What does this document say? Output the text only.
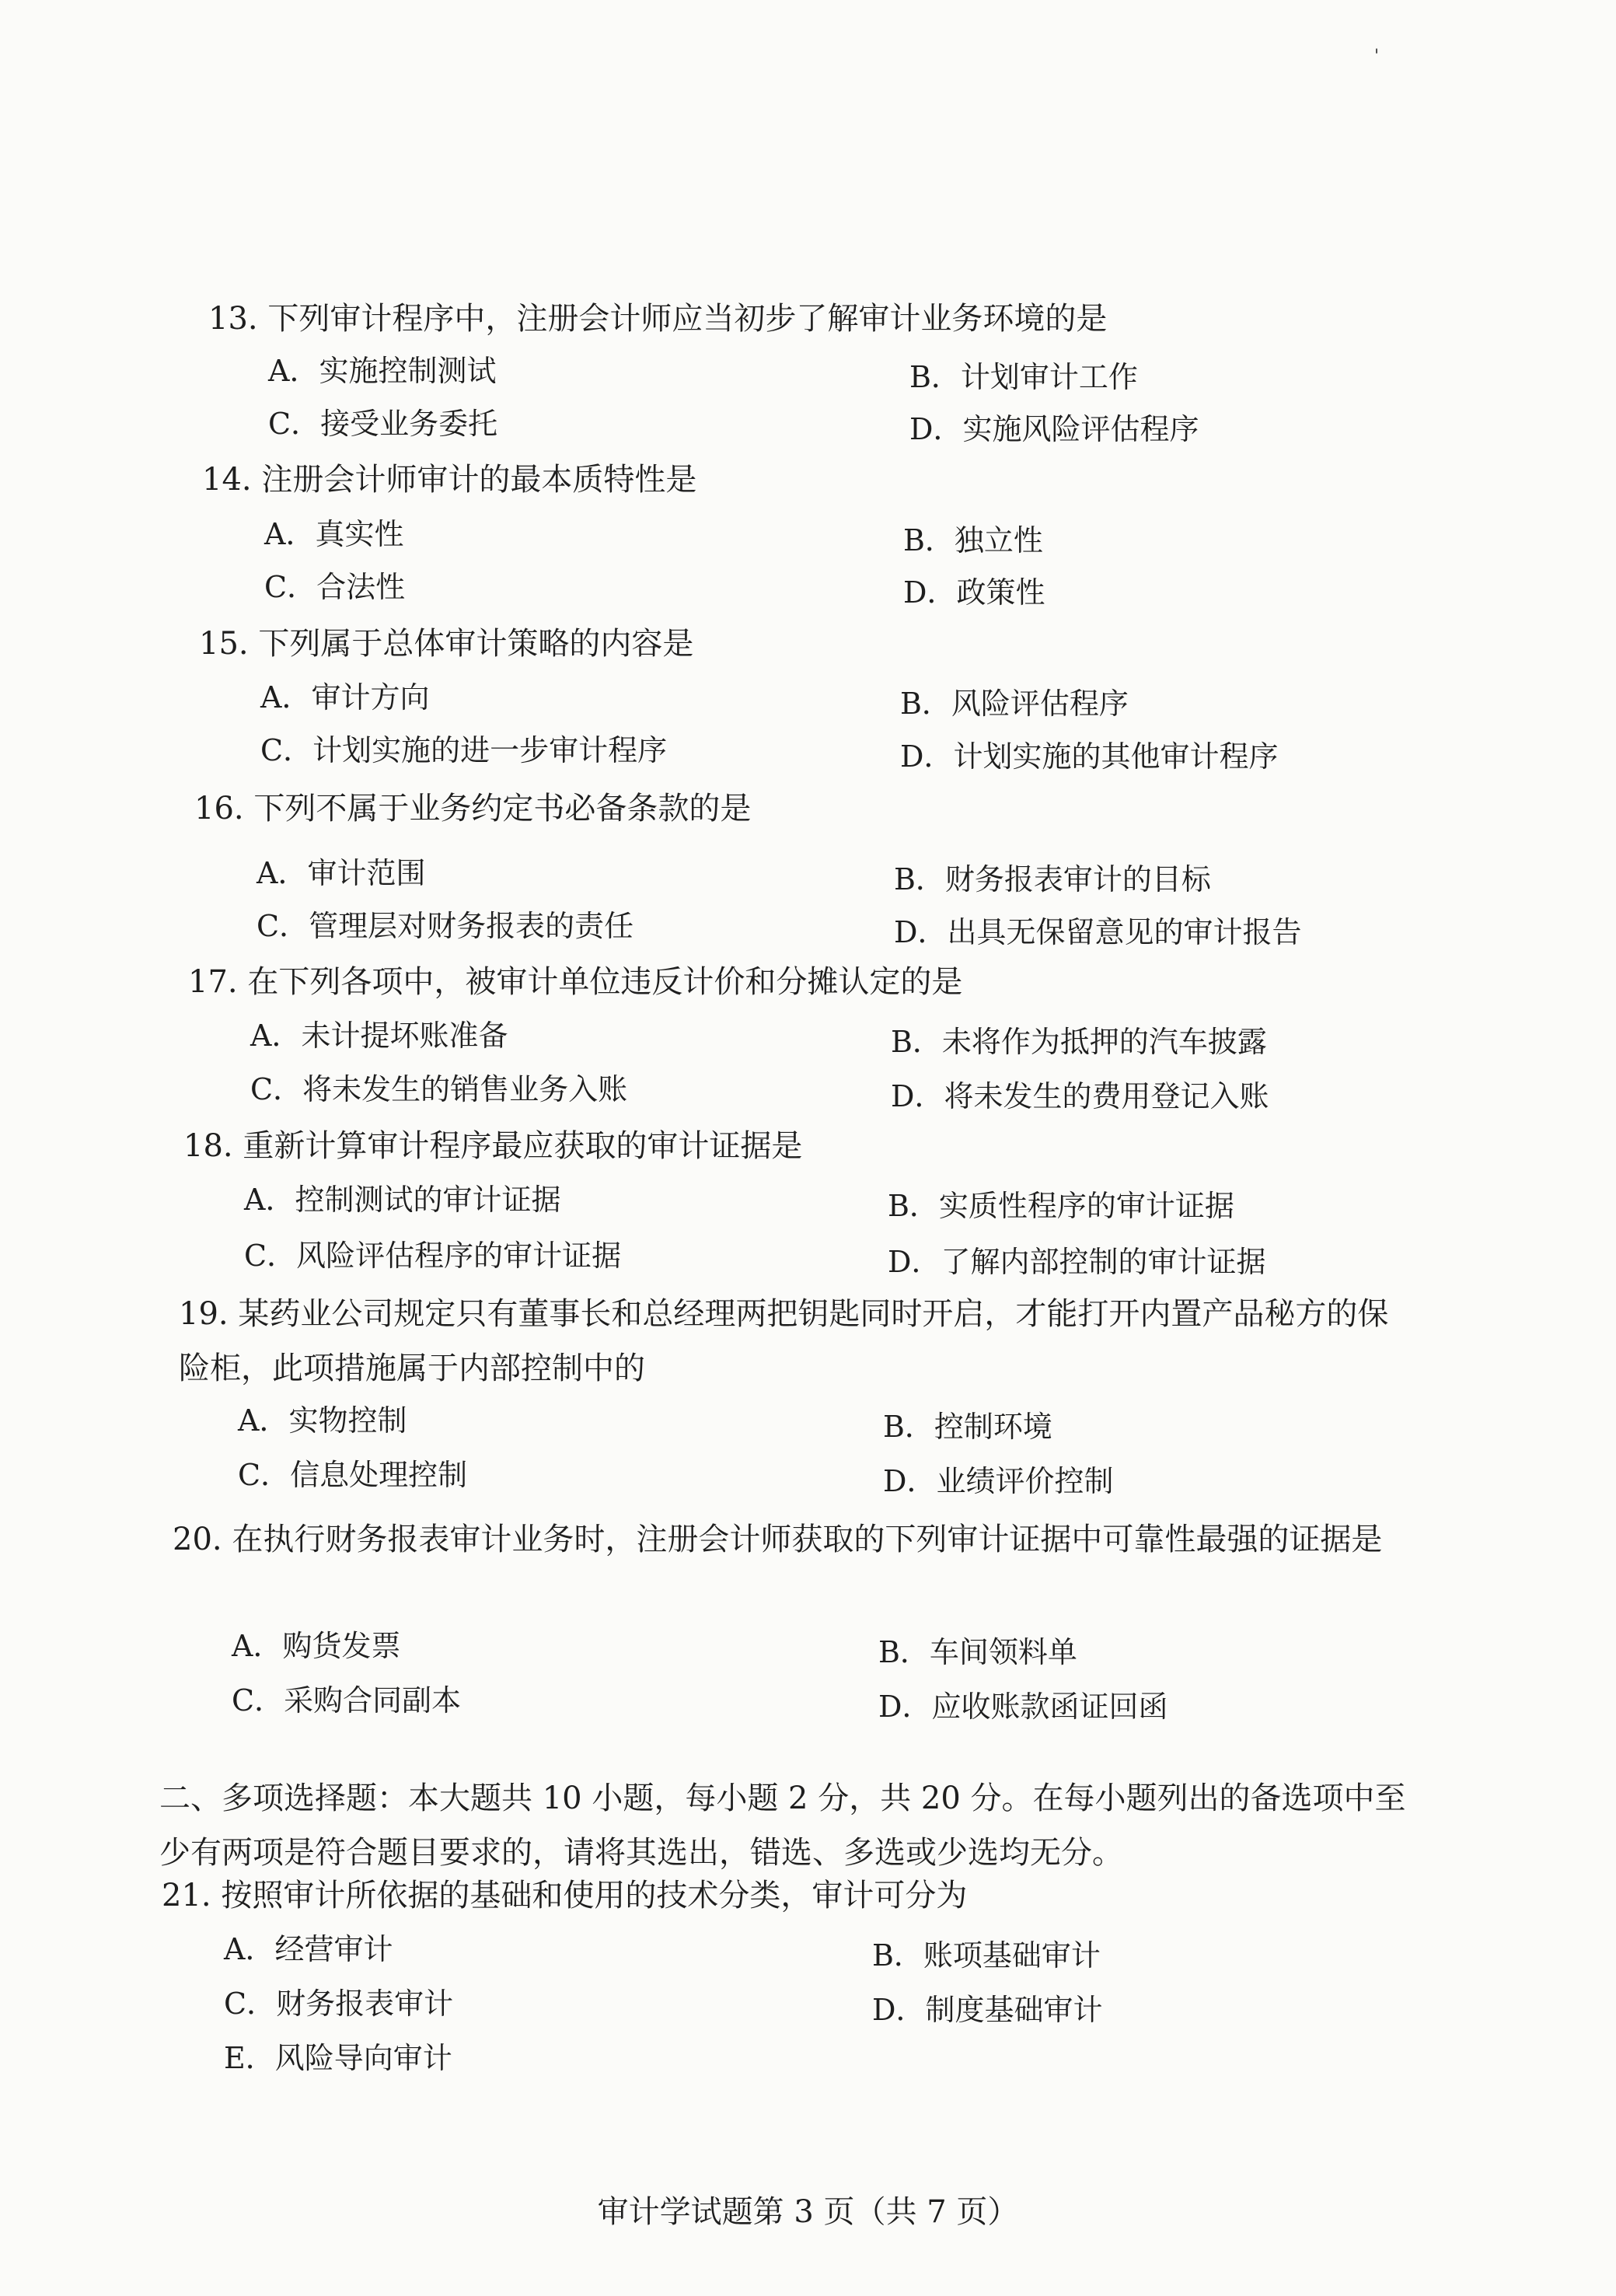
'
13. 下列审计程序中，注册会计师应当初步了解审计业务环境的是
A．实施控制测试	B．计划审计工作
C．接受业务委托	D．实施风险评估程序
14. 注册会计师审计的最本质特性是
A．真实性	B．独立性
C．合法性	D．政策性
15. 下列属于总体审计策略的内容是
A．审计方向	B．风险评估程序
C．计划实施的进一步审计程序	D．计划实施的其他审计程序
16. 下列不属于业务约定书必备条款的是
A．审计范围	B．财务报表审计的目标
C．管理层对财务报表的责任	D．出具无保留意见的审计报告
17. 在下列各项中，被审计单位违反计价和分摊认定的是
A．未计提坏账准备	B．未将作为抵押的汽车披露
C．将未发生的销售业务入账	D．将未发生的费用登记入账
18. 重新计算审计程序最应获取的审计证据是
A．控制测试的审计证据	B．实质性程序的审计证据
C．风险评估程序的审计证据	D．了解内部控制的审计证据
19. 某药业公司规定只有董事长和总经理两把钥匙同时开启，才能打开内置产品秘方的保险柜，此项措施属于内部控制中的
A．实物控制	B．控制环境
C．信息处理控制	D．业绩评价控制
20. 在执行财务报表审计业务时，注册会计师获取的下列审计证据中可靠性最强的证据是
A．购货发票	B．车间领料单
C．采购合同副本	D．应收账款函证回函
二、多项选择题：本大题共 10 小题，每小题 2 分，共 20 分。在每小题列出的备选项中至少有两项是符合题目要求的，请将其选出，错选、多选或少选均无分。
21. 按照审计所依据的基础和使用的技术分类，审计可分为
A．经营审计	B．账项基础审计
C．财务报表审计	D．制度基础审计
E．风险导向审计
审计学试题第 3 页（共 7 页）
